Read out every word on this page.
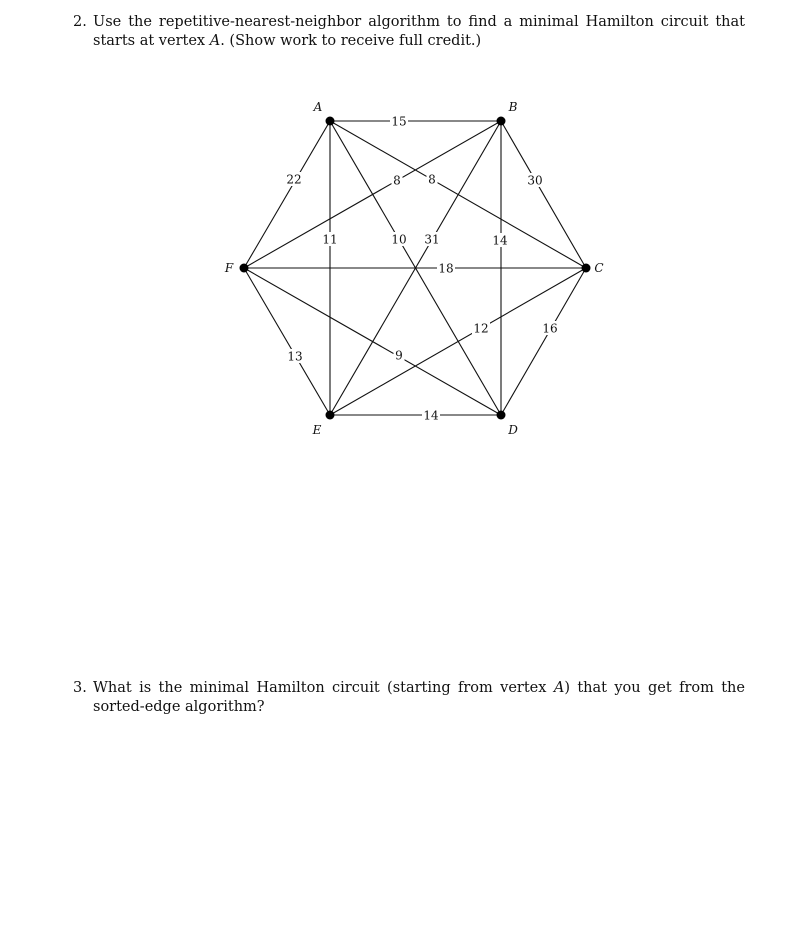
2. Use the repetitive-nearest-neighbor algorithm to find a minimal Hamilton circuit that starts at vertex A. (Show work to receive full credit.)
15
8
10
11
22	30
14
31
8
16
12
18
14
9
13
A	B
C
D
E
F
3. What is the minimal Hamilton circuit (starting from vertex A) that you get from the sorted-edge algorithm?
